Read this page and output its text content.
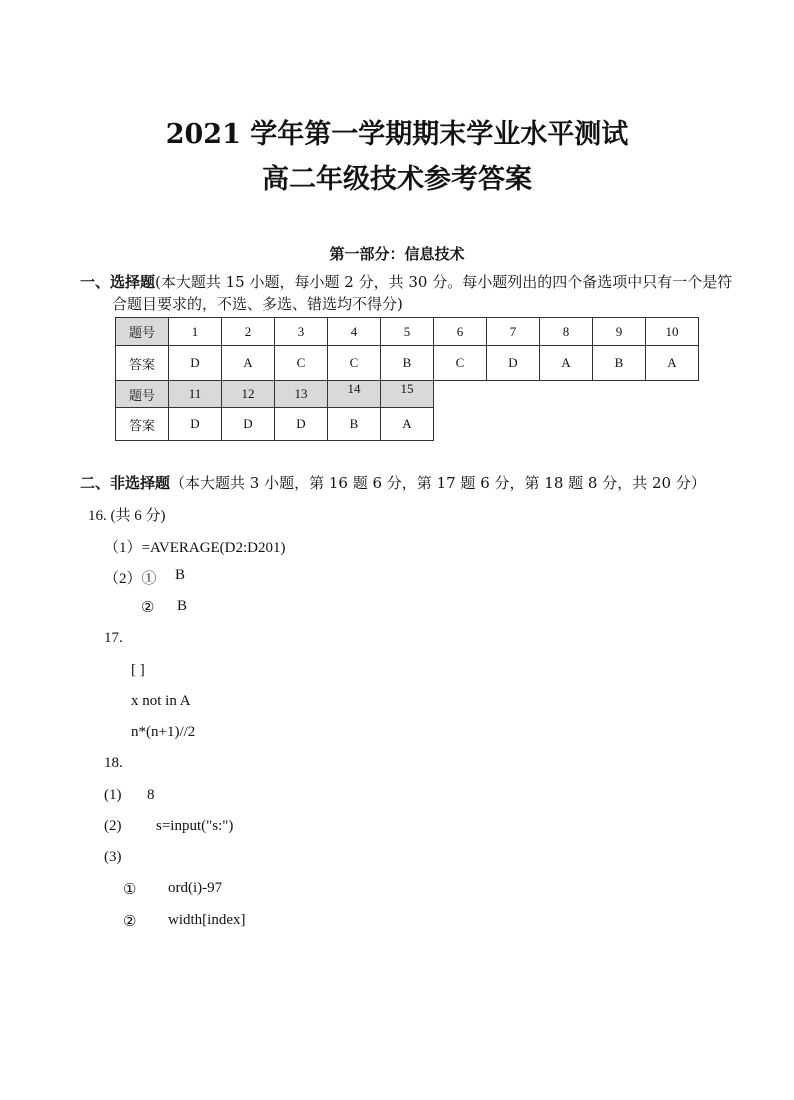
2021 学年第一学期期末学业水平测试
高二年级技术参考答案
第一部分：信息技术
一、选择题(本大题共 15 小题，每小题 2 分，共 30 分。每小题列出的四个备选项中只有一个是符
合题目要求的，不选、多选、错选均不得分)
题号	1	2	3	4	5	6	7	8	9	10
答案	D	A	C	C	B	C	D	A	B	A
题号	11	12	13	14	15
答案	D	D	D	B	A
二、非选择题（本大题共 3 小题，第 16 题 6 分，第 17 题 6 分，第 18 题 8 分，共 20 分）
16. (共 6 分)
（1）=AVERAGE(D2:D201)
（2）① B
② B
17.
[ ]
x not in A
n*(n+1)//2
18.
(1) 8
(2) s=input("s:")
(3)
① ord(i)-97
② width[index]
